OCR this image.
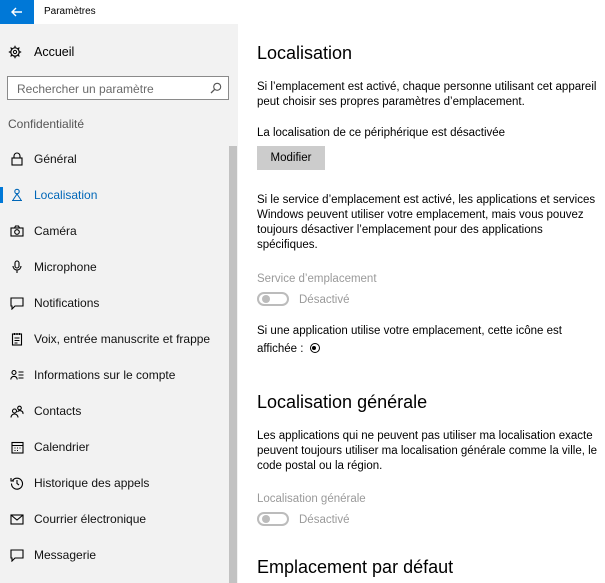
Paramètres
Accueil
Rechercher un paramètre
Confidentialité
Général
Localisation
Caméra
Microphone
Notifications
Voix, entrée manuscrite et frappe
Informations sur le compte
Contacts
Calendrier
Historique des appels
Courrier électronique
Messagerie
Localisation
Si l’emplacement est activé, chaque personne utilisant cet appareil
peut choisir ses propres paramètres d’emplacement.
La localisation de ce périphérique est désactivée
Modifier
Si le service d’emplacement est activé, les applications et services
Windows peuvent utiliser votre emplacement, mais vous pouvez
toujours désactiver l’emplacement pour des applications
spécifiques.
Service d’emplacement
Désactivé
Si une application utilise votre emplacement, cette icône est
affichée :
Localisation générale
Les applications qui ne peuvent pas utiliser ma localisation exacte
peuvent toujours utiliser ma localisation générale comme la ville, le
code postal ou la région.
Localisation générale
Désactivé
Emplacement par défaut
